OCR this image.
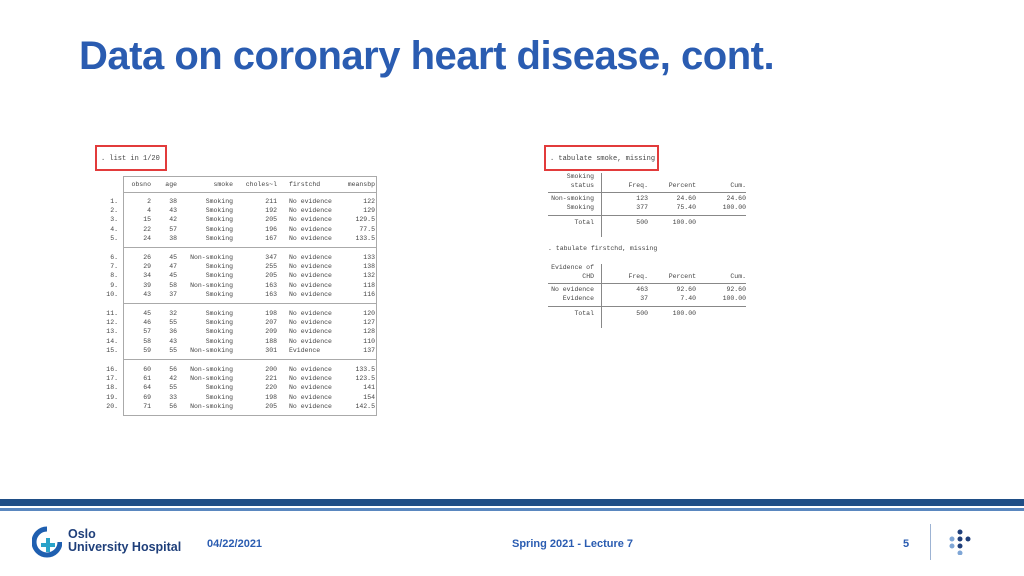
Data on coronary heart disease, cont.
. list in 1/20
obsno	age	smoke	choles~l firstchd	meansbp
1.	2	38	Smoking	211 No evidence	122
2.	4	43	Smoking	192 No evidence	129
3.	15	42	Smoking	205 No evidence	129.5
4.	22	57	Smoking	196 No evidence	77.5
5.	24	38	Smoking	167 No evidence	133.5
6.	26	45	Non-smoking	347 No evidence	133
7.	29	47	Smoking	255 No evidence	138
8.	34	45	Smoking	205 No evidence	132
9.	39	58	Non-smoking	163 No evidence	118
10.	43	37	Smoking	163 No evidence	116
11.	45	32	Smoking	198 No evidence	120
12.	46	55	Smoking	207 No evidence	127
13.	57	36	Smoking	209 No evidence	128
14.	58	43	Smoking	188 No evidence	110
15.	59	55	Non-smoking	301 Evidence	137
16.	60	56	Non-smoking	200 No evidence	133.5
17.	61	42	Non-smoking	221 No evidence	123.5
18.	64	55	Smoking	220 No evidence	141
19.	69	33	Smoking	198 No evidence	154
20.	71	56	Non-smoking	205 No evidence	142.5
. tabulate smoke, missing
Smoking
status	Freq.	Percent	Cum.
Non-smoking	123	24.60	24.60
Smoking	377	75.40	100.00
Total	500	100.00
. tabulate firstchd, missing
Evidence of
CHD	Freq.	Percent	Cum.
No evidence	463	92.60	92.60
Evidence	37	7.40	100.00
Total	500	100.00
Oslo
University Hospital 04/22/2021	Spring 2021 - Lecture 7	5
